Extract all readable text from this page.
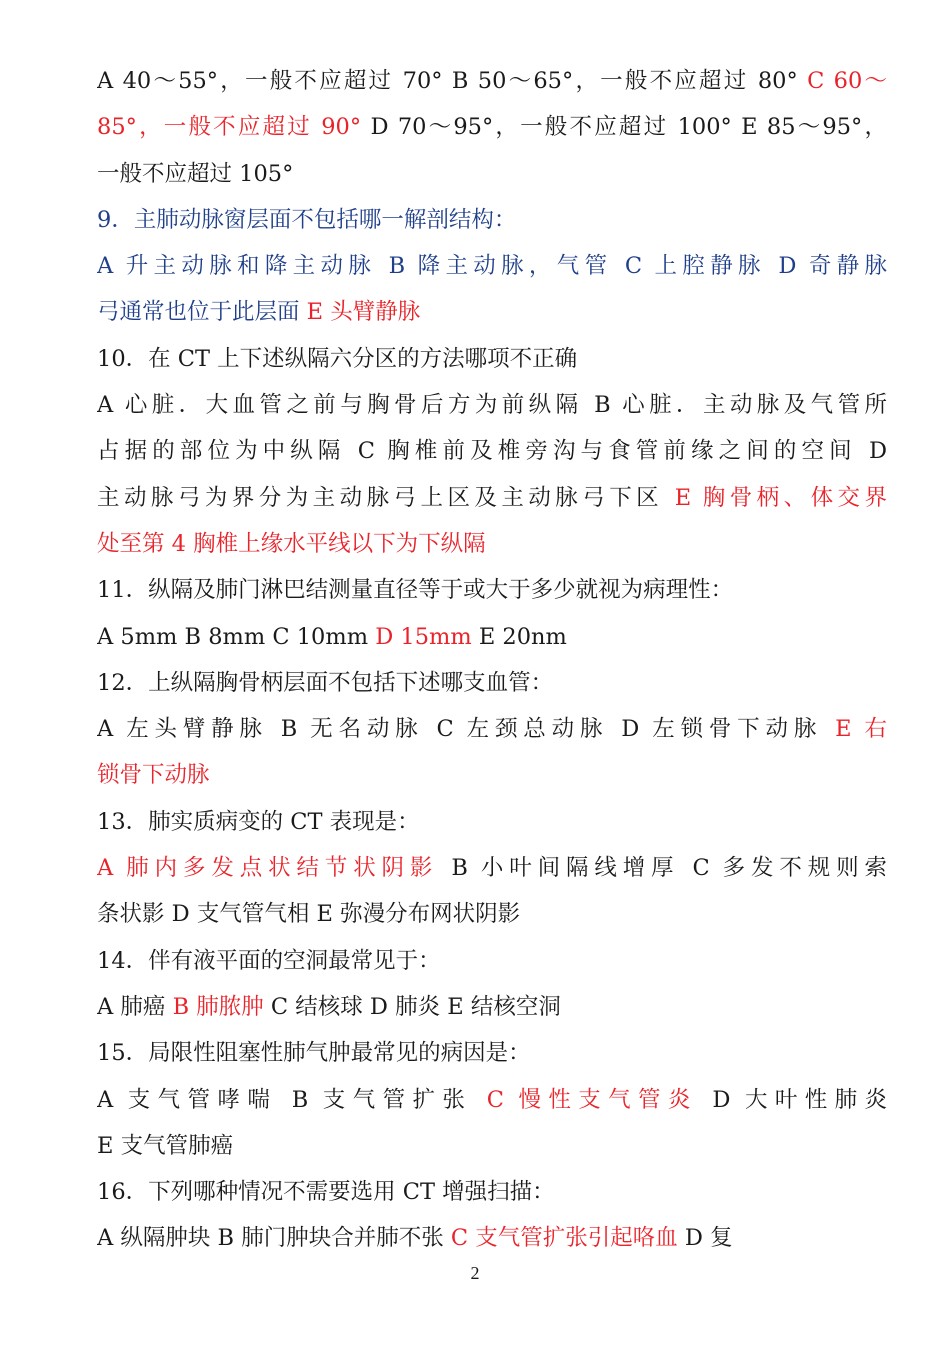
A 40～55°，一般不应超过 70° B 50～65°，一般不应超过 80° C 60～
85°，一般不应超过 90° D 70～95°，一般不应超过 100° E 85～95°，
一般不应超过 105°
9．主肺动脉窗层面不包括哪一解剖结构：
A 升主动脉和降主动脉 B 降主动脉，气管 C 上腔静脉 D 奇静脉
弓通常也位于此层面 E 头臂静脉
10．在 CT 上下述纵隔六分区的方法哪项不正确
A 心脏．大血管之前与胸骨后方为前纵隔 B 心脏．主动脉及气管所
占据的部位为中纵隔 C 胸椎前及椎旁沟与食管前缘之间的空间 D
主动脉弓为界分为主动脉弓上区及主动脉弓下区 E 胸骨柄、体交界
处至第 4 胸椎上缘水平线以下为下纵隔
11．纵隔及肺门淋巴结测量直径等于或大于多少就视为病理性：
A 5mm B 8mm C 10mm D 15mm E 20nm
12．上纵隔胸骨柄层面不包括下述哪支血管：
A 左头臂静脉 B 无名动脉 C 左颈总动脉 D 左锁骨下动脉 E 右
锁骨下动脉
13．肺实质病变的 CT 表现是：
A 肺内多发点状结节状阴影 B 小叶间隔线增厚 C 多发不规则索
条状影 D 支气管气相 E 弥漫分布网状阴影
14．伴有液平面的空洞最常见于：
A 肺癌 B 肺脓肿 C 结核球 D 肺炎 E 结核空洞
15．局限性阻塞性肺气肿最常见的病因是：
A 支气管哮喘 B 支气管扩张 C 慢性支气管炎 D 大叶性肺炎
E 支气管肺癌
16．下列哪种情况不需要选用 CT 增强扫描：
A 纵隔肿块 B 肺门肿块合并肺不张 C 支气管扩张引起咯血 D 复
2
